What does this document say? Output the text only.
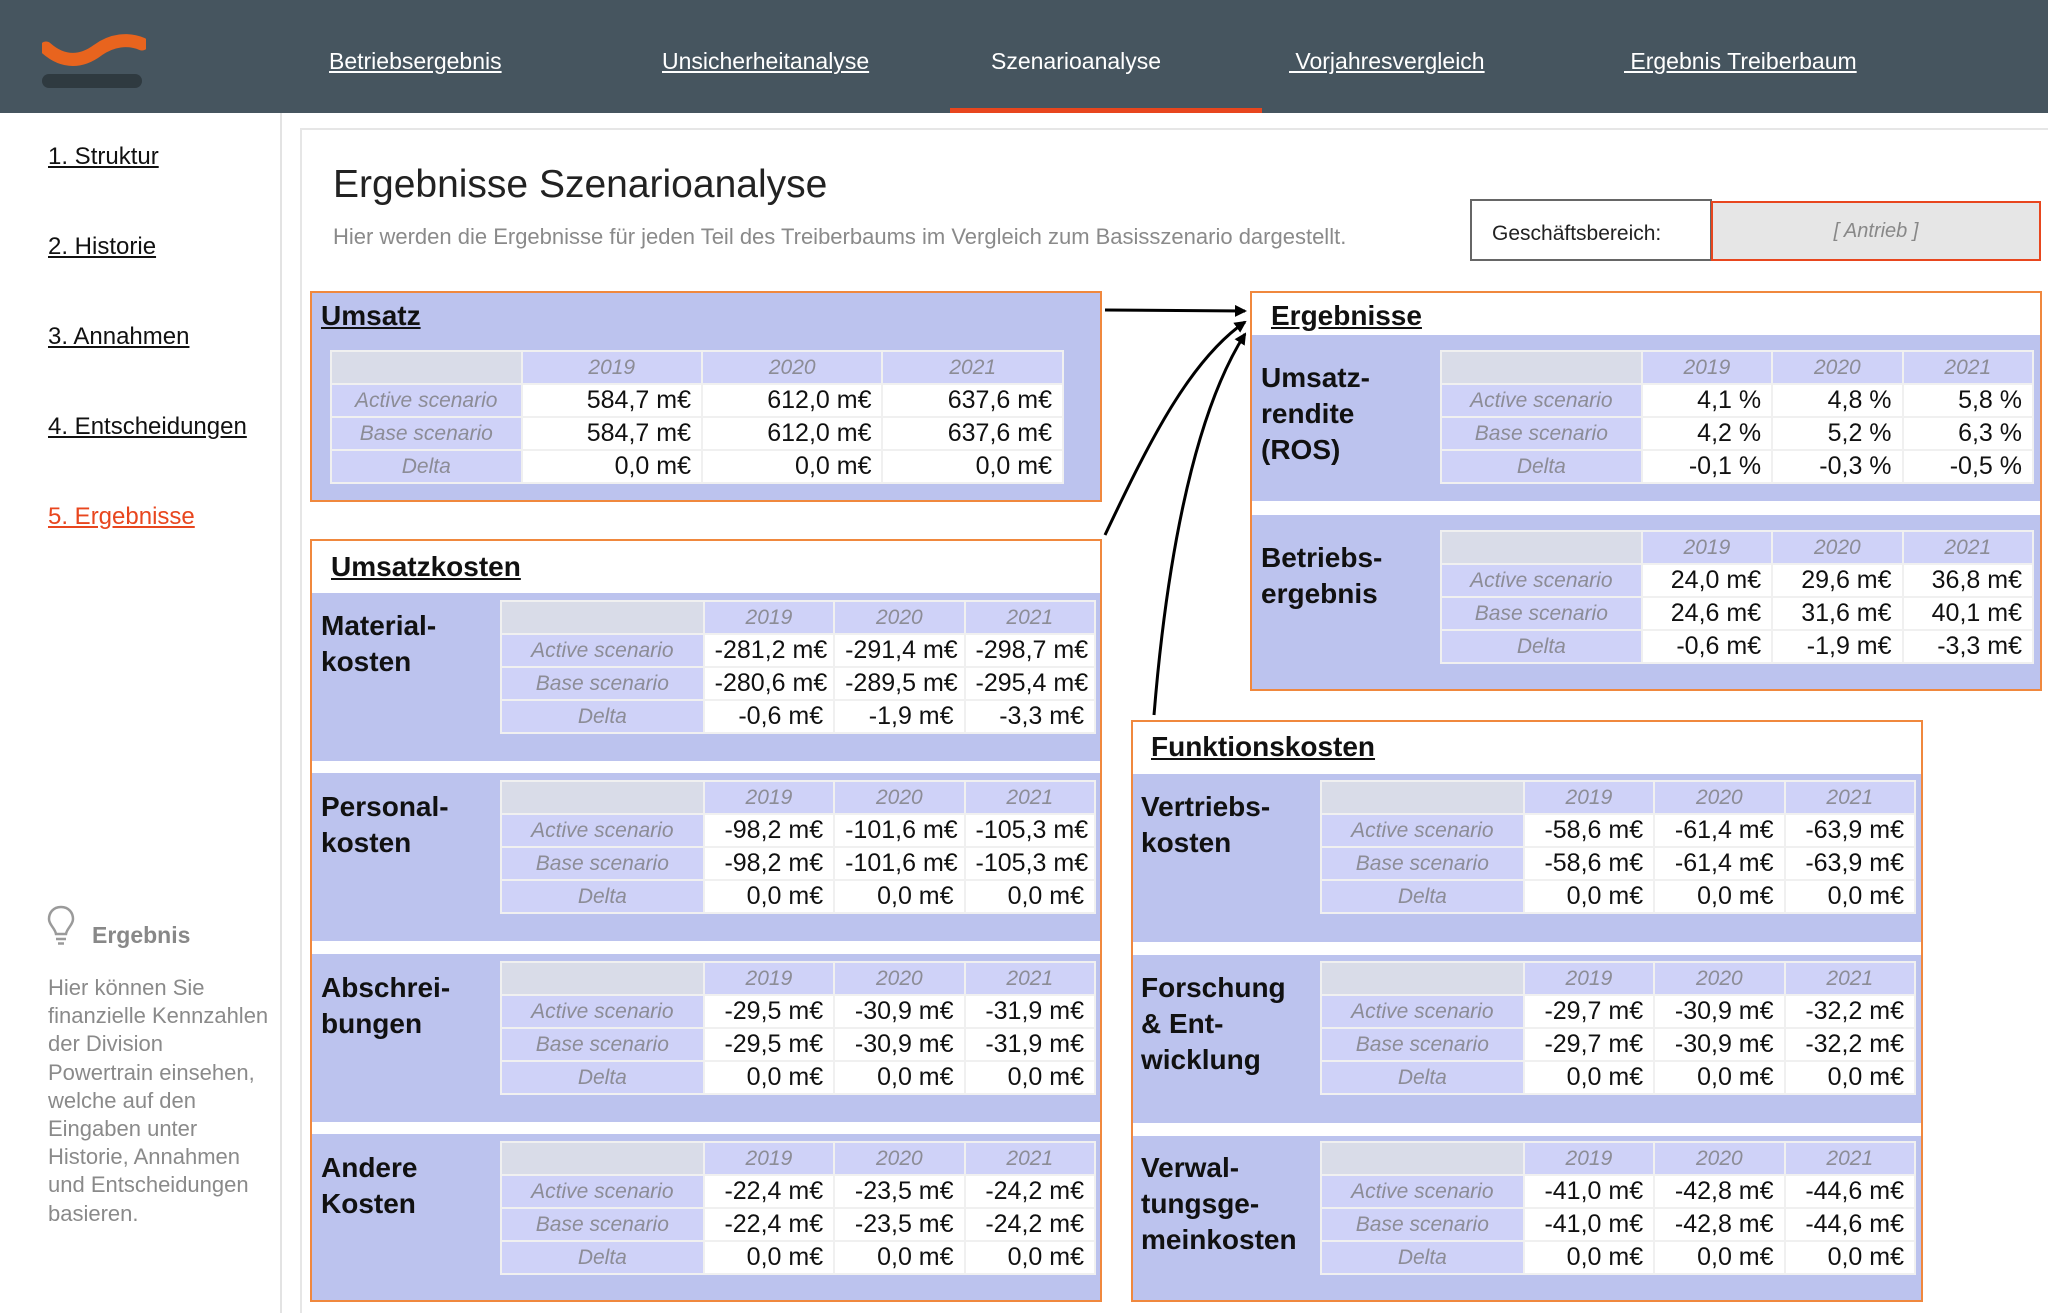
Betriebsergebnis	Unsicherheitanalyse	Szenarioanalyse	Vorjahresvergleich	Ergebnis Treiberbaum
1. Struktur
2. Historie
3. Annahmen
4. Entscheidungen
5. Ergebnisse
Ergebnis
Hier können Sie finanzielle Kennzahlen der Division Powertrain einsehen, welche auf den Eingaben unter Historie, Annahmen und Entscheidungen basieren.
Ergebnisse Szenarioanalyse
Hier werden die Ergebnisse für jeden Teil des Treiberbaums im Vergleich zum Basisszenario dargestellt.	Geschäftsbereich:	[ Antrieb ]
Umsatz
Umsatzkosten
Ergebnisse
Funktionskosten
Material-
kosten
Personal-
kosten
Abschrei-
bungen
Andere
Kosten
Umsatz-
rendite
(ROS)
Betriebs-
ergebnis
Vertriebs-
kosten
Forschung
& Ent-
wicklung
Verwal-
tungsge-
meinkosten
	2019	2020	2021
Active scenario	584,7 m€	612,0 m€	637,6 m€
Base scenario	584,7 m€	612,0 m€	637,6 m€
Delta	0,0 m€	0,0 m€	0,0 m€
	2019	2020	2021
Active scenario	-281,2 m€	-291,4 m€	-298,7 m€
Base scenario	-280,6 m€	-289,5 m€	-295,4 m€
Delta	-0,6 m€	-1,9 m€	-3,3 m€
	2019	2020	2021
Active scenario	-98,2 m€	-101,6 m€	-105,3 m€
Base scenario	-98,2 m€	-101,6 m€	-105,3 m€
Delta	0,0 m€	0,0 m€	0,0 m€
	2019	2020	2021
Active scenario	-29,5 m€	-30,9 m€	-31,9 m€
Base scenario	-29,5 m€	-30,9 m€	-31,9 m€
Delta	0,0 m€	0,0 m€	0,0 m€
	2019	2020	2021
Active scenario	-22,4 m€	-23,5 m€	-24,2 m€
Base scenario	-22,4 m€	-23,5 m€	-24,2 m€
Delta	0,0 m€	0,0 m€	0,0 m€
	2019	2020	2021
Active scenario	4,1 %	4,8 %	5,8 %
Base scenario	4,2 %	5,2 %	6,3 %
Delta	-0,1 %	-0,3 %	-0,5 %
	2019	2020	2021
Active scenario	24,0 m€	29,6 m€	36,8 m€
Base scenario	24,6 m€	31,6 m€	40,1 m€
Delta	-0,6 m€	-1,9 m€	-3,3 m€
	2019	2020	2021
Active scenario	-58,6 m€	-61,4 m€	-63,9 m€
Base scenario	-58,6 m€	-61,4 m€	-63,9 m€
Delta	0,0 m€	0,0 m€	0,0 m€
	2019	2020	2021
Active scenario	-29,7 m€	-30,9 m€	-32,2 m€
Base scenario	-29,7 m€	-30,9 m€	-32,2 m€
Delta	0,0 m€	0,0 m€	0,0 m€
	2019	2020	2021
Active scenario	-41,0 m€	-42,8 m€	-44,6 m€
Base scenario	-41,0 m€	-42,8 m€	-44,6 m€
Delta	0,0 m€	0,0 m€	0,0 m€
